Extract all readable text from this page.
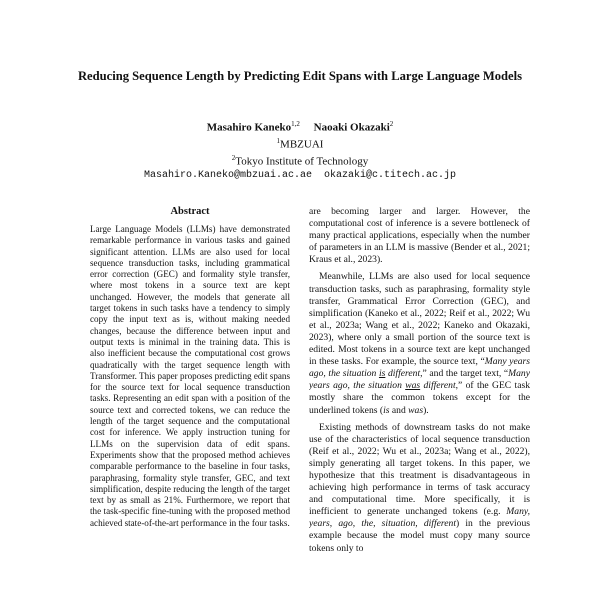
Reducing Sequence Length by Predicting Edit Spans with Large Language Models
Masahiro Kaneko$^{1,2}$ Naoaki Okazaki$^2$
$^1$MBZUAI
$^2$Tokyo Institute of Technology
Masahiro.Kaneko@mbzuai.ac.ae okazaki@c.titech.ac.jp
Abstract

Large Language Models (LLMs) have demonstrated remarkable performance in various tasks and gained significant attention. LLMs are also used for local sequence transduction tasks, including grammatical error correction (GEC) and formality style transfer, where most tokens in a source text are kept unchanged. However, the models that generate all target tokens in such tasks have a tendency to simply copy the input text as is, without making needed changes, because the difference between input and output texts is minimal in the training data. This is also inefficient because the computational cost grows quadratically with the target sequence length with Transformer. This paper proposes predicting edit spans for the source text for local sequence transduction tasks. Representing an edit span with a position of the source text and corrected tokens, we can reduce the length of the target sequence and the computational cost for inference. We apply instruction tuning for LLMs on the supervision data of edit spans. Experiments show that the proposed method achieves comparable performance to the baseline in four tasks, paraphrasing, formality style transfer, GEC, and text simplification, despite reducing the length of the target text by as small as 21%. Furthermore, we report that the task-specific fine-tuning with the proposed method achieved state-of-the-art performance in the four tasks.

are becoming larger and larger. However, the computational cost of inference is a severe bottleneck of many practical applications, especially when the number of parameters in an LLM is massive (Bender et al., 2021; Kraus et al., 2023).

Meanwhile, LLMs are also used for local sequence transduction tasks, such as paraphrasing, formality style transfer, Grammatical Error Correction (GEC), and simplification (Kaneko et al., 2022; Reif et al., 2022; Wu et al., 2023a; Wang et al., 2022; Kaneko and Okazaki, 2023), where only a small portion of the source text is edited. Most tokens in a source text are kept unchanged in these tasks. For example, the source text, “Many years ago, the situation is different,” and the target text, “Many years ago, the situation was different,” of the GEC task mostly share the common tokens except for the underlined tokens (is and was).

Existing methods of downstream tasks do not make use of the characteristics of local sequence transduction (Reif et al., 2022; Wu et al., 2023a; Wang et al., 2022), simply generating all target tokens. In this paper, we hypothesize that this treatment is disadvantageous in achieving high performance in terms of task accuracy and computational time. More specifically, it is inefficient to generate unchanged tokens (e.g. Many, years, ago, the, situation, different) in the previous example because the model must copy many source tokens only to
